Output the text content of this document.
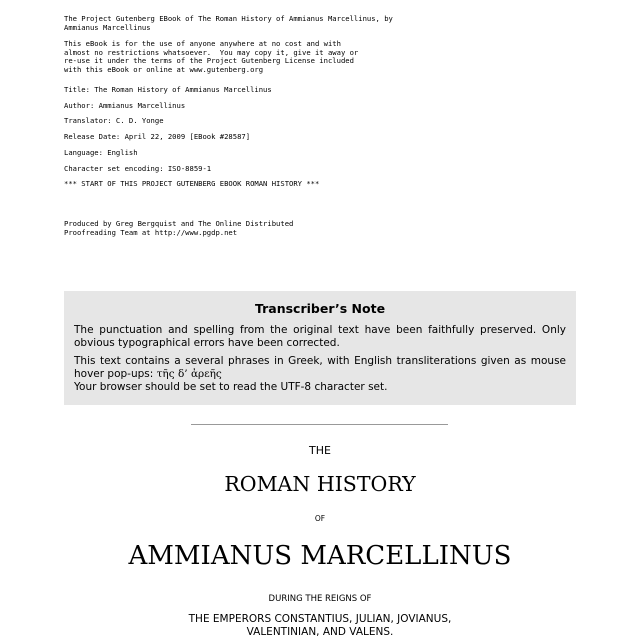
The Project Gutenberg EBook of The Roman History of Ammianus Marcellinus, by
Ammianus Marcellinus
This eBook is for the use of anyone anywhere at no cost and with
almost no restrictions whatsoever.  You may copy it, give it away or
re-use it under the terms of the Project Gutenberg License included
with this eBook or online at www.gutenberg.org
Title: The Roman History of Ammianus Marcellinus
Author: Ammianus Marcellinus
Translator: C. D. Yonge
Release Date: April 22, 2009 [EBook #28587]
Language: English
Character set encoding: ISO-8859-1
*** START OF THIS PROJECT GUTENBERG EBOOK ROMAN HISTORY ***
Produced by Greg Bergquist and The Online Distributed
Proofreading Team at http://www.pgdp.net
Transcriber’s Note

The punctuation and spelling from the original text have been faithfully preserved. Only obvious typographical errors have been corrected.

This text contains a several phrases in Greek, with English transliterations given as mouse hover pop-ups: τῆς δ’ ἀρεῆς
Your browser should be set to read the UTF-8 character set.

THE

ROMAN HISTORY

OF

AMMIANUS MARCELLINUS

DURING THE REIGNS OF

THE EMPERORS CONSTANTIUS, JULIAN, JOVIANUS,

VALENTINIAN, AND VALENS.
